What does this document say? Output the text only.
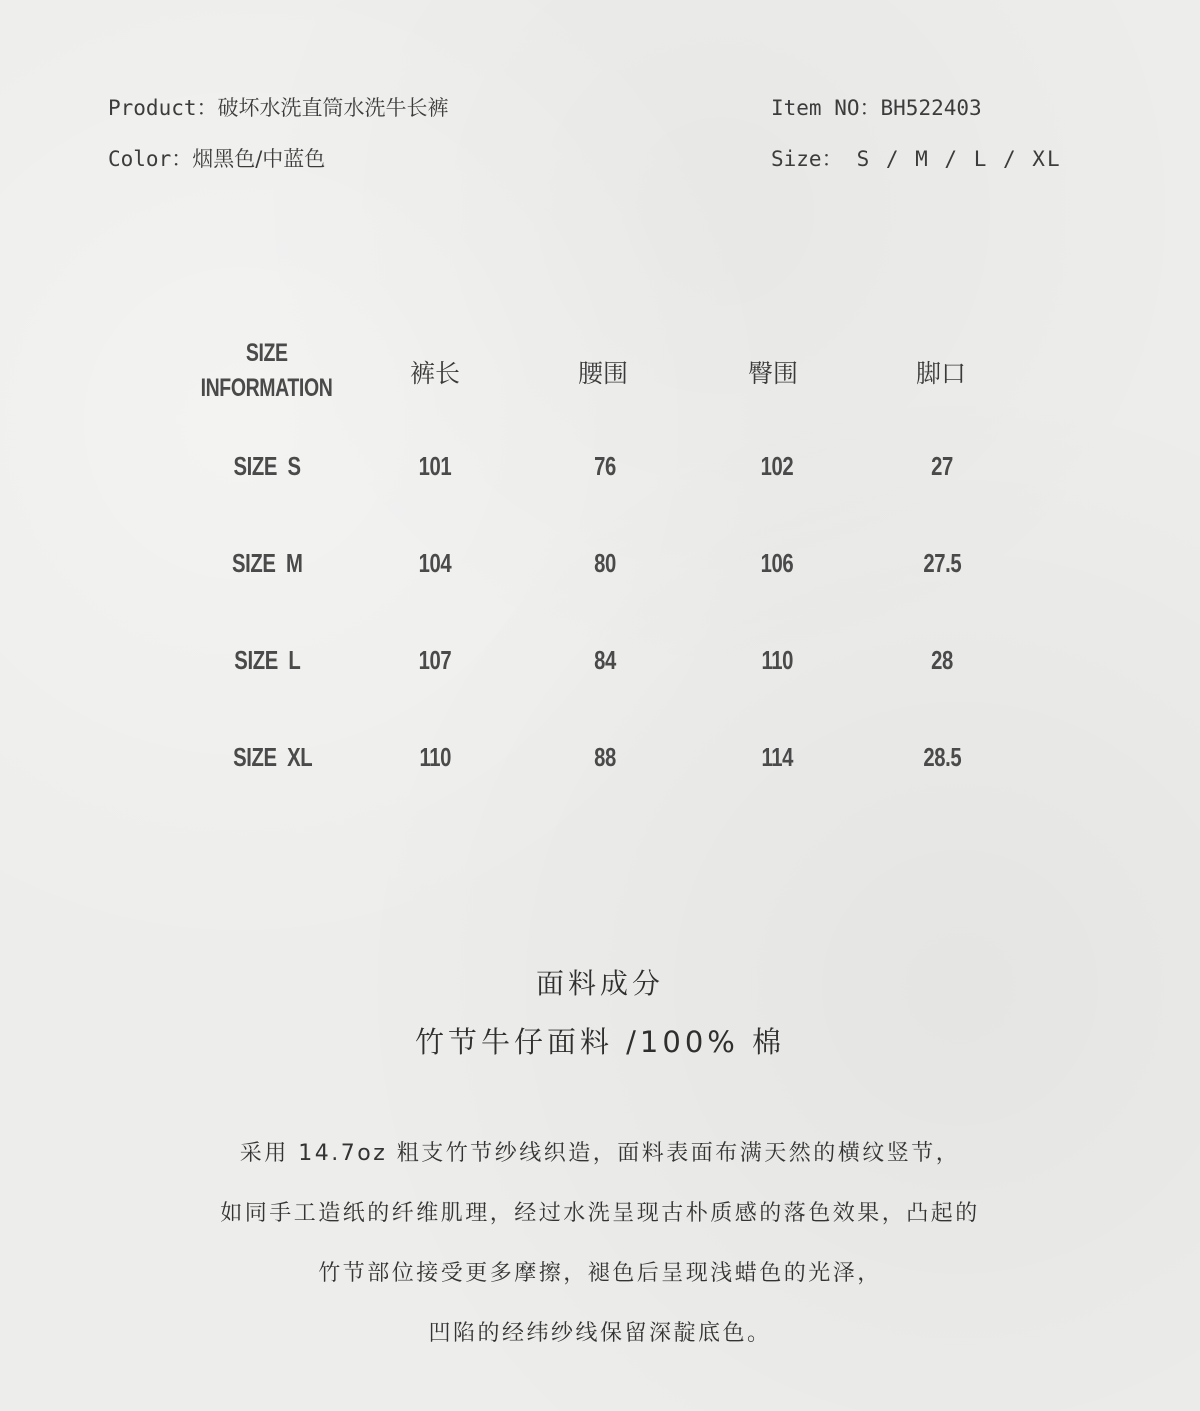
Product：破坏水洗直筒水洗牛长裤
Color：烟黑色/中蓝色
Item NO：BH522403
Size： S / M / L / XL
SIZE
INFORMATION	裤长	腰围	臀围	脚口
SIZE  S	101	76	102	27
SIZE  M	104	80	106	27.5
SIZE  L	107	84	110	28
SIZE  XL	110	88	114	28.5
面料成分
竹节牛仔面料 /100% 棉
采用 14.7oz 粗支竹节纱线织造，面料表面布满天然的横纹竖节，
如同手工造纸的纤维肌理，经过水洗呈现古朴质感的落色效果，凸起的
竹节部位接受更多摩擦，褪色后呈现浅蜡色的光泽，
凹陷的经纬纱线保留深靛底色。
